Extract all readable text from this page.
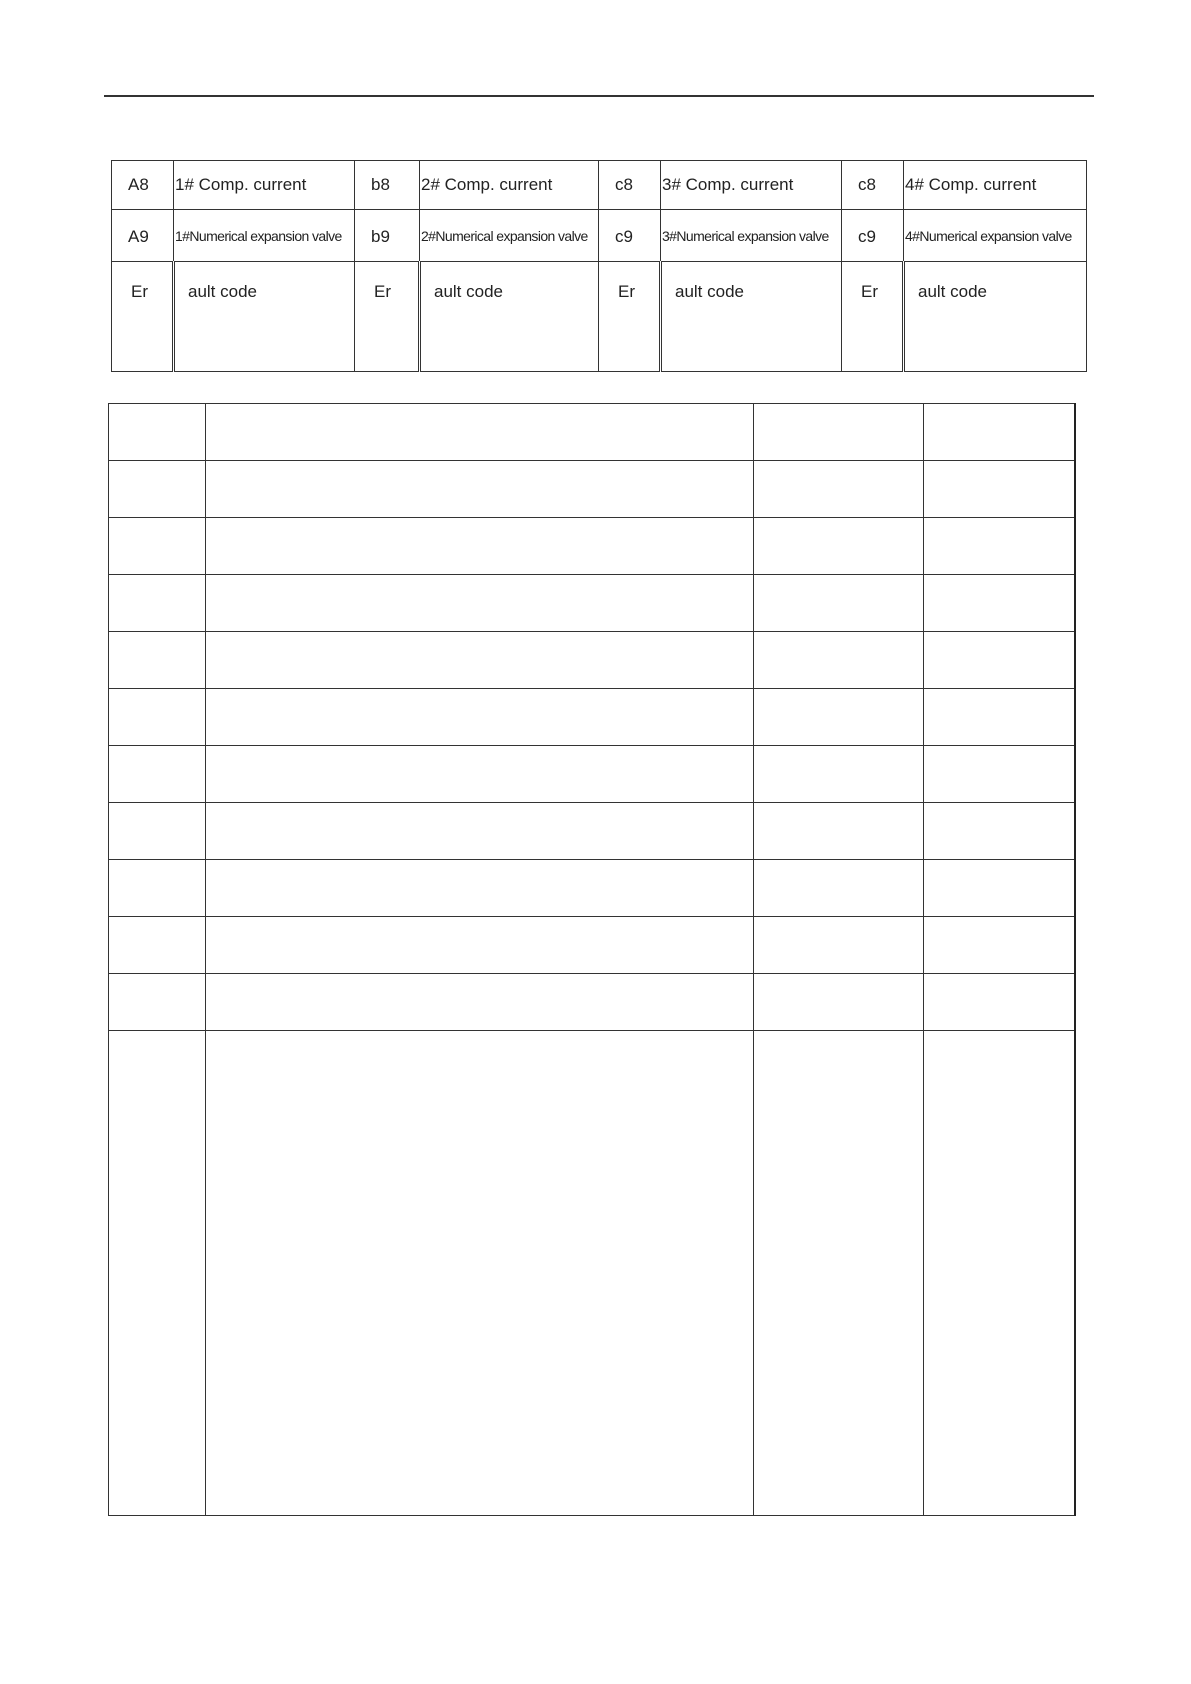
A8	1# Comp. current	b8	2# Comp. current	c8	3# Comp. current	c8	4# Comp. current
A9	1#Numerical expansion valve	b9	2#Numerical expansion valve	c9	3#Numerical expansion valve	c9	4#Numerical expansion valve
Er	ault code	Er	ault code	Er	ault code	Er	ault code
